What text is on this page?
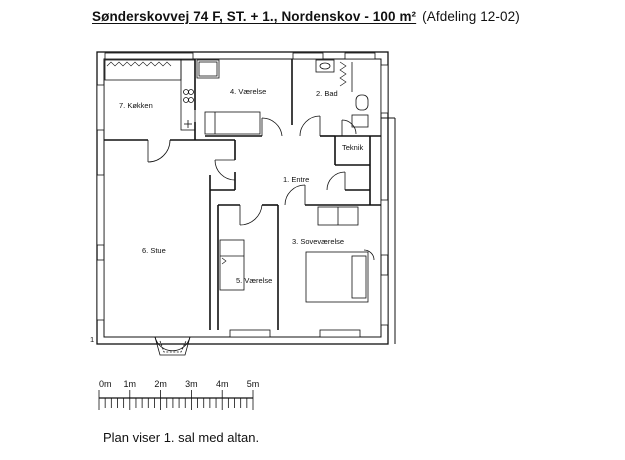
Sønderskovvej 74 F, ST. + 1., Nordenskov - 100 m² (Afdeling 12-02)
7. Køkken
4. Værelse	2. Bad
Teknik
1. Entre
6. Stue
3. Soveværelse
5. Værelse
1
0m 1m 2m 3m 4m 5m
Plan viser 1. sal med altan.
